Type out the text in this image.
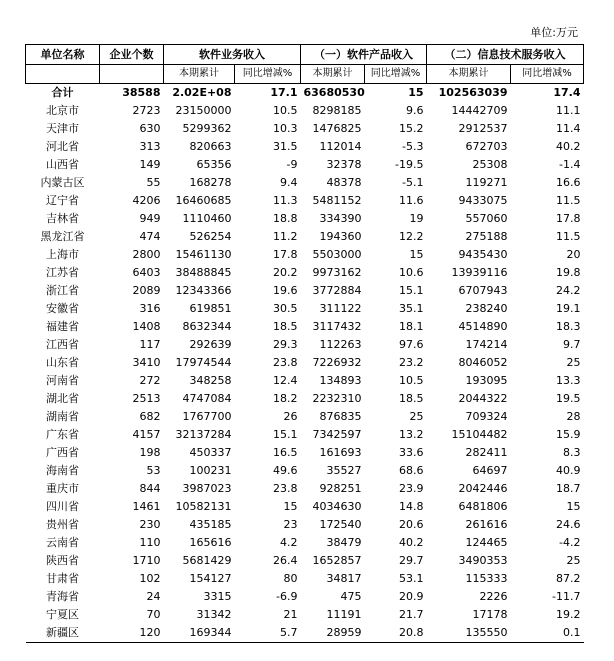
单位:万元
单位名称	企业个数	软件业务收入		（一）软件产品收入		（二）信息技术服务收入	
		本期累计	同比增减%	本期累计	同比增减%	本期累计	同比增减%
合计	38588	2.02E+08	17.1	63680530	15	102563039	17.4
北京市	2723	23150000	10.5	8298185	9.6	14442709	11.1
天津市	630	5299362	10.3	1476825	15.2	2912537	11.4
河北省	313	820663	31.5	112014	-5.3	672703	40.2
山西省	149	65356	-9	32378	-19.5	25308	-1.4
内蒙古区	55	168278	9.4	48378	-5.1	119271	16.6
辽宁省	4206	16460685	11.3	5481152	11.6	9433075	11.5
吉林省	949	1110460	18.8	334390	19	557060	17.8
黑龙江省	474	526254	11.2	194360	12.2	275188	11.5
上海市	2800	15461130	17.8	5503000	15	9435430	20
江苏省	6403	38488845	20.2	9973162	10.6	13939116	19.8
浙江省	2089	12343366	19.6	3772884	15.1	6707943	24.2
安徽省	316	619851	30.5	311122	35.1	238240	19.1
福建省	1408	8632344	18.5	3117432	18.1	4514890	18.3
江西省	117	292639	29.3	112263	97.6	174214	9.7
山东省	3410	17974544	23.8	7226932	23.2	8046052	25
河南省	272	348258	12.4	134893	10.5	193095	13.3
湖北省	2513	4747084	18.2	2232310	18.5	2044322	19.5
湖南省	682	1767700	26	876835	25	709324	28
广东省	4157	32137284	15.1	7342597	13.2	15104482	15.9
广西省	198	450337	16.5	161693	33.6	282411	8.3
海南省	53	100231	49.6	35527	68.6	64697	40.9
重庆市	844	3987023	23.8	928251	23.9	2042446	18.7
四川省	1461	10582131	15	4034630	14.8	6481806	15
贵州省	230	435185	23	172540	20.6	261616	24.6
云南省	110	165616	4.2	38479	40.2	124465	-4.2
陕西省	1710	5681429	26.4	1652857	29.7	3490353	25
甘肃省	102	154127	80	34817	53.1	115333	87.2
青海省	24	3315	-6.9	475	20.9	2226	-11.7
宁夏区	70	31342	21	11191	21.7	17178	19.2
新疆区	120	169344	5.7	28959	20.8	135550	0.1
